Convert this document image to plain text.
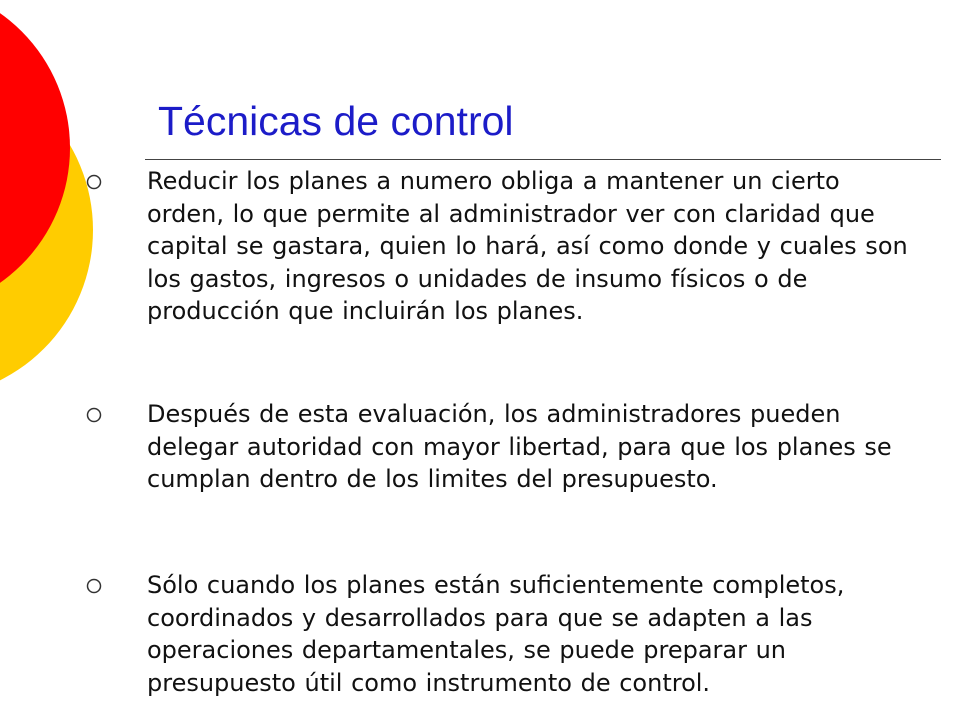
Técnicas de control
Reducir los planes a numero obliga a mantener un cierto orden, lo que permite al administrador ver con claridad que capital se gastara, quien lo hará, así como donde y cuales son los gastos, ingresos o unidades de insumo físicos o de producción que incluirán los planes.
Después de esta evaluación, los administradores pueden delegar autoridad con mayor libertad, para que los planes se cumplan dentro de los limites del presupuesto.
Sólo cuando los planes están suficientemente completos, coordinados y desarrollados para que se adapten a las operaciones departamentales, se puede preparar un presupuesto útil como instrumento de control.
